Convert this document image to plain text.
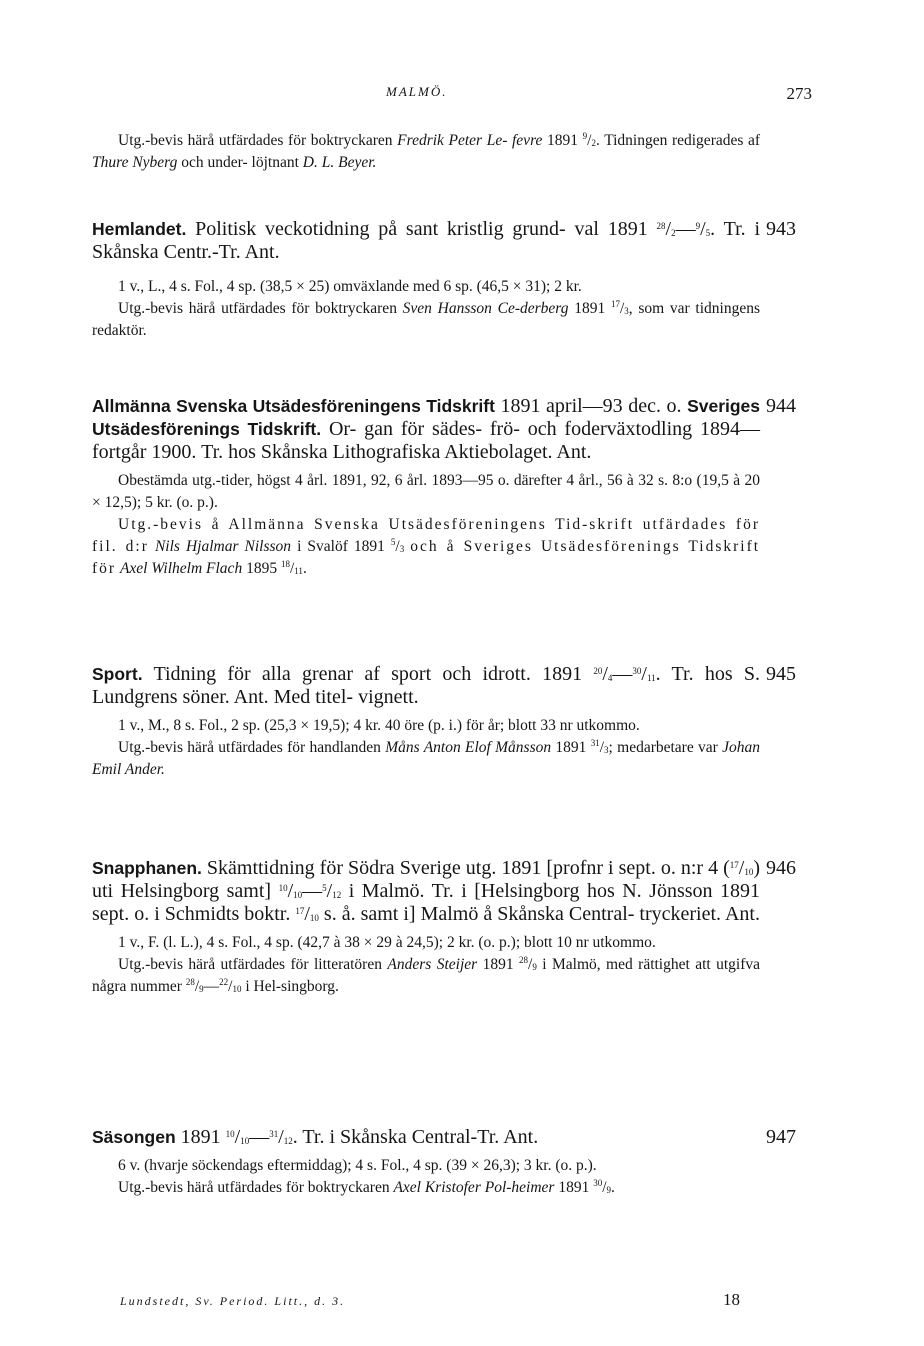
MALMÖ.	273
Utg.-bevis härå utfärdades för boktryckaren Fredrik Peter Le- fevre 1891 $^9/_2$. Tidningen redigerades af Thure Nyberg och under- löjtnant D. L. Beyer.
943
Hemlandet. Politisk veckotidning på sant kristlig grund- val 1891 $^{28}/_2—^9/_5$. Tr. i Skånska Centr.-Tr. Ant.
1 v., L., 4 s. Fol., 4 sp. (38,5 × 25) omväxlande med 6 sp. (46,5 × 31); 2 kr.
Utg.-bevis härå utfärdades för boktryckaren Sven Hansson Ce-derberg 1891 $^{17}/_3$, som var tidningens redaktör.
944
Allmänna Svenska Utsädesföreningens Tidskrift 1891 april—93 dec. o. Sveriges Utsädesförenings Tidskrift. Or- gan för sädes- frö- och foderväxtodling 1894—fortgår 1900. Tr. hos Skånska Lithografiska Aktiebolaget. Ant.
Obestämda utg.-tider, högst 4 årl. 1891, 92, 6 årl. 1893—95 o. därefter 4 årl., 56 à 32 s. 8:o (19,5 à 20 × 12,5); 5 kr. (o. p.).
Utg.-bevis å Allmänna Svenska Utsädesföreningens Tid-skrift utfärdades för fil. d:r Nils Hjalmar Nilsson i Svalöf 1891 $^5/_3$ och å Sveriges Utsädesförenings Tidskrift för Axel Wilhelm Flach 1895 $^{18}/_{11}$.
945
Sport. Tidning för alla grenar af sport och idrott. 1891 $^{20}/_4—^{30}/_{11}$. Tr. hos S. Lundgrens söner. Ant. Med titel- vignett.
1 v., M., 8 s. Fol., 2 sp. (25,3 × 19,5); 4 kr. 40 öre (p. i.) för år; blott 33 nr utkommo.
Utg.-bevis härå utfärdades för handlanden Måns Anton Elof Månsson 1891 $^{31}/_3$; medarbetare var Johan Emil Ander.
946
Snapphanen. Skämttidning för Södra Sverige utg. 1891 [profnr i sept. o. n:r 4 $(^{17}/_{10})$ uti Helsingborg samt] $^{10}/_{10}—^5/_{12}$ i Malmö. Tr. i [Helsingborg hos N. Jönsson 1891 sept. o. i Schmidts boktr. $^{17}/_{10}$ s. å. samt i] Malmö å Skånska Central- tryckeriet. Ant.
1 v., F. (l. L.), 4 s. Fol., 4 sp. (42,7 à 38 × 29 à 24,5); 2 kr. (o. p.); blott 10 nr utkommo.
Utg.-bevis härå utfärdades för litteratören Anders Steijer 1891 $^{28}/_9$ i Malmö, med rättighet att utgifva några nummer $^{28}/_9—^{22}/_{10}$ i Hel-singborg.
947
Säsongen 1891 $^{10}/_{10}—^{31}/_{12}$. Tr. i Skånska Central-Tr. Ant.
6 v. (hvarje söckendags eftermiddag); 4 s. Fol., 4 sp. (39 × 26,3); 3 kr. (o. p.).
Utg.-bevis härå utfärdades för boktryckaren Axel Kristofer Pol-heimer 1891 $^{30}/_9$.
Lundstedt, Sv. Period. Litt., d. 3.	18
